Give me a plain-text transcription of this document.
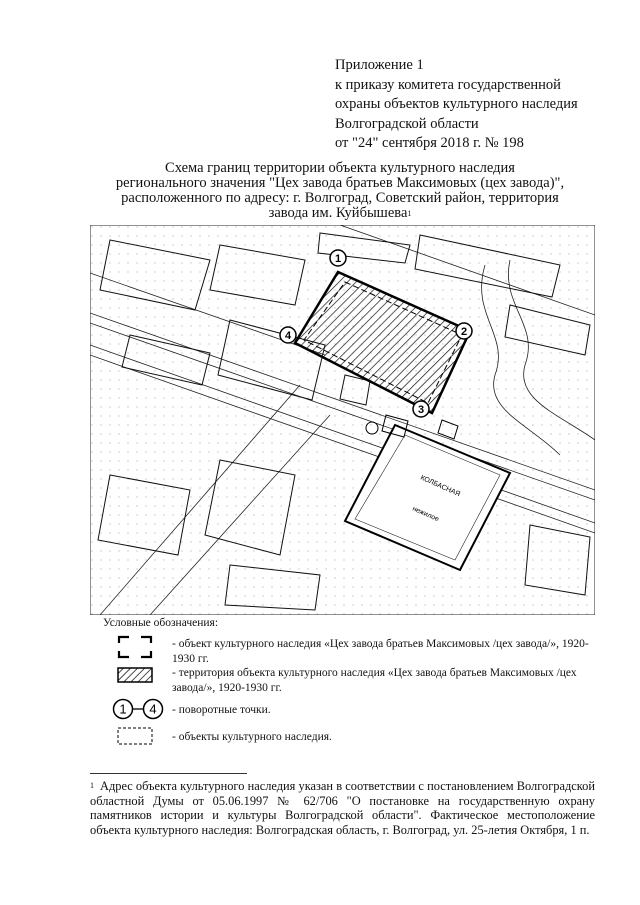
Приложение 1
к приказу комитета государственной
охраны объектов культурного наследия
Волгоградской области
от "24" сентября 2018 г. № 198
Схема границ территории объекта культурного наследия
регионального значения "Цех завода братьев Максимовых (цех завода)",
расположенного по адресу: г. Волгоград, Советский район, территория
завода им. Куйбышева$^1$
КОЛБАСНАЯ
нежилое
1
2
3
4
Условные обозначения:
- объект культурного наследия «Цех завода братьев Максимовых /цех завода/», 1920-1930 гг.
- территория объекта культурного наследия «Цех завода братьев Максимовых /цех завода/», 1920-1930 гг.
1 4 - поворотные точки.
- объекты культурного наследия.
$^1$ Адрес объекта культурного наследия указан в соответствии с постановлением Волгоградской областной Думы от 05.06.1997 № 62/706 "О постановке на государственную охрану памятников истории и культуры Волгоградской области". Фактическое местоположение объекта культурного наследия: Волгоградская область, г. Волгоград, ул. 25-летия Октября, 1 п.
